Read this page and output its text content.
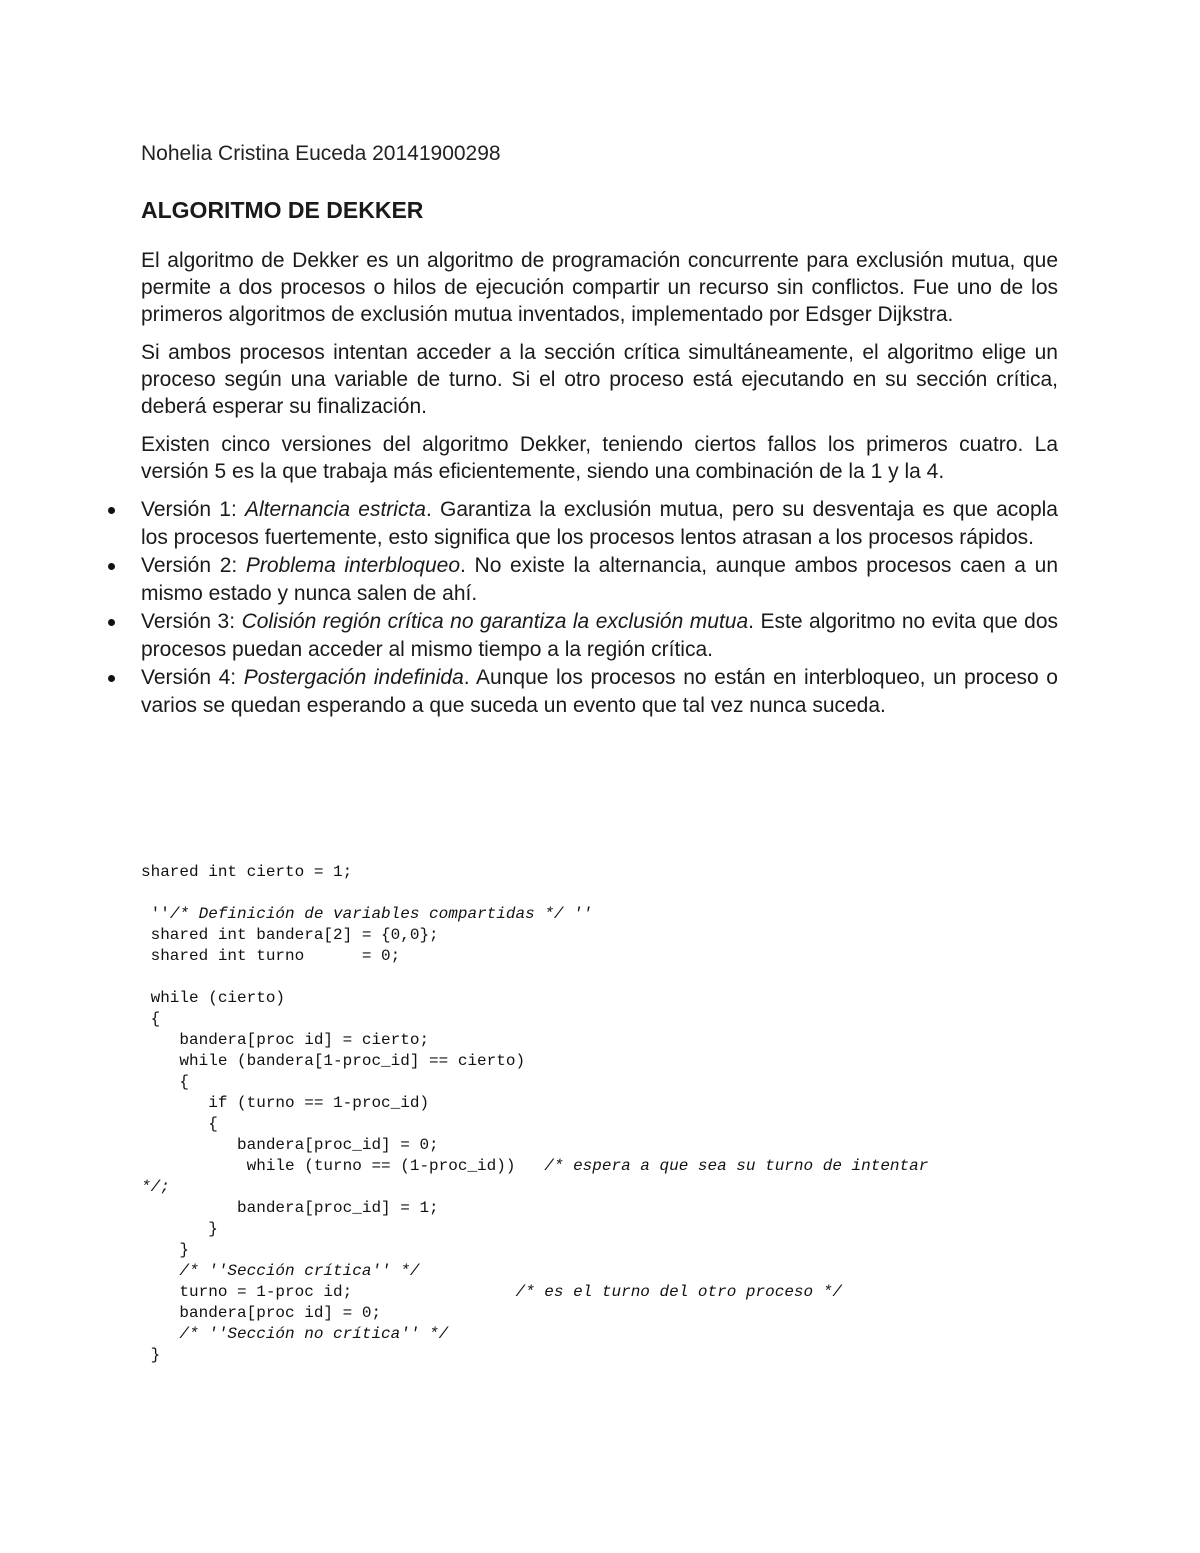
Nohelia Cristina Euceda 20141900298

ALGORITMO DE DEKKER

El algoritmo de Dekker es un algoritmo de programación concurrente para exclusión mutua, que permite a dos procesos o hilos de ejecución compartir un recurso sin conflictos. Fue uno de los primeros algoritmos de exclusión mutua inventados, implementado por Edsger Dijkstra.

Si ambos procesos intentan acceder a la sección crítica simultáneamente, el algoritmo elige un proceso según una variable de turno. Si el otro proceso está ejecutando en su sección crítica, deberá esperar su finalización.

Existen cinco versiones del algoritmo Dekker, teniendo ciertos fallos los primeros cuatro. La versión 5 es la que trabaja más eficientemente, siendo una combinación de la 1 y la 4.

Versión 1: Alternancia estricta. Garantiza la exclusión mutua, pero su desventaja es que acopla los procesos fuertemente, esto significa que los procesos lentos atrasan a los procesos rápidos.
Versión 2: Problema interbloqueo. No existe la alternancia, aunque ambos procesos caen a un mismo estado y nunca salen de ahí.
Versión 3: Colisión región crítica no garantiza la exclusión mutua. Este algoritmo no evita que dos procesos puedan acceder al mismo tiempo a la región crítica.
Versión 4: Postergación indefinida. Aunque los procesos no están en interbloqueo, un proceso o varios se quedan esperando a que suceda un evento que tal vez nunca suceda.
shared int cierto = 1;
''/* Definición de variables compartidas */ ''
shared int bandera[2] = {0,0};
shared int turno      = 0;
while (cierto)
{
bandera[proc id] = cierto;
while (bandera[1-proc_id] == cierto)
{
if (turno == 1-proc_id)
{
bandera[proc_id] = 0;
while (turno == (1-proc_id))   /* espera a que sea su turno de intentar
*/;
bandera[proc_id] = 1;
}
}
/* ''Sección crítica'' */
turno = 1-proc id;                 /* es el turno del otro proceso */
bandera[proc id] = 0;
/* ''Sección no crítica'' */
}
